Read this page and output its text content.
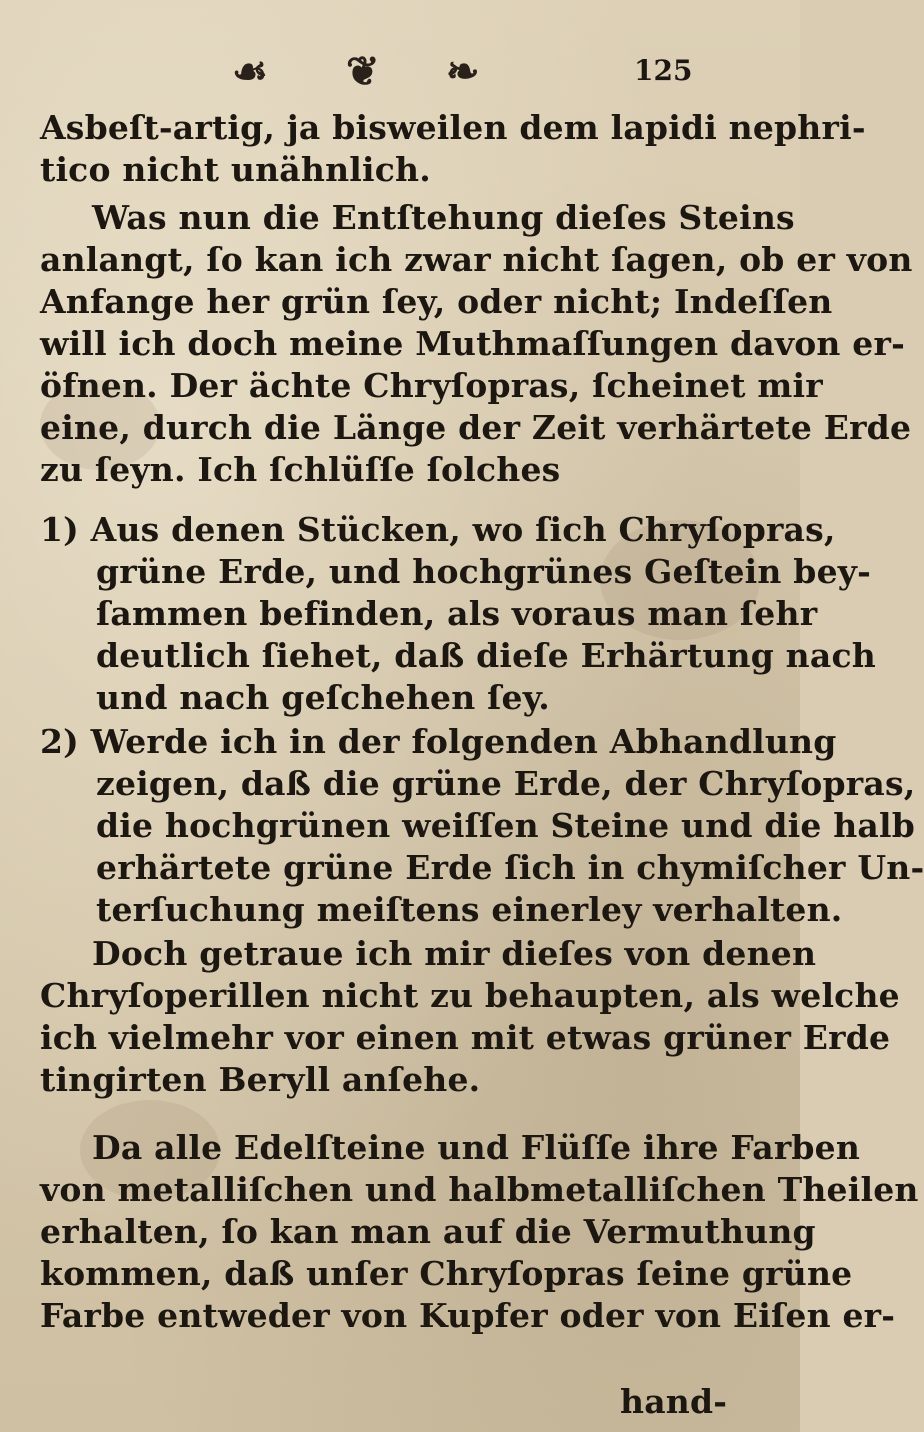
☙ ❦ ❧	125
Asbeſt-artig, ja bisweilen dem lapidi nephri-
tico nicht unähnlich.
Was nun die Entſtehung dieſes Steins
anlangt, ſo kan ich zwar nicht ſagen, ob er von
Anfange her grün ſey, oder nicht; Indeſſen
will ich doch meine Muthmaſſungen davon er-
öfnen. Der ächte Chryſopras, ſcheinet mir
eine, durch die Länge der Zeit verhärtete Erde
zu ſeyn. Ich ſchlüſſe ſolches
1) Aus denen Stücken, wo ſich Chryſopras,
grüne Erde, und hochgrünes Geſtein bey-
ſammen befinden, als voraus man ſehr
deutlich ſiehet, daß dieſe Erhärtung nach
und nach geſchehen ſey.
2) Werde ich in der folgenden Abhandlung
zeigen, daß die grüne Erde, der Chryſopras,
die hochgrünen weiſſen Steine und die halb
erhärtete grüne Erde ſich in chymiſcher Un-
terſuchung meiſtens einerley verhalten.
Doch getraue ich mir dieſes von denen
Chryſoperillen nicht zu behaupten, als welche
ich vielmehr vor einen mit etwas grüner Erde
tingirten Beryll anſehe.
Da alle Edelſteine und Flüſſe ihre Farben
von metalliſchen und halbmetalliſchen Theilen
erhalten, ſo kan man auf die Vermuthung
kommen, daß unſer Chryſopras ſeine grüne
Farbe entweder von Kupfer oder von Eiſen er-
hand-
